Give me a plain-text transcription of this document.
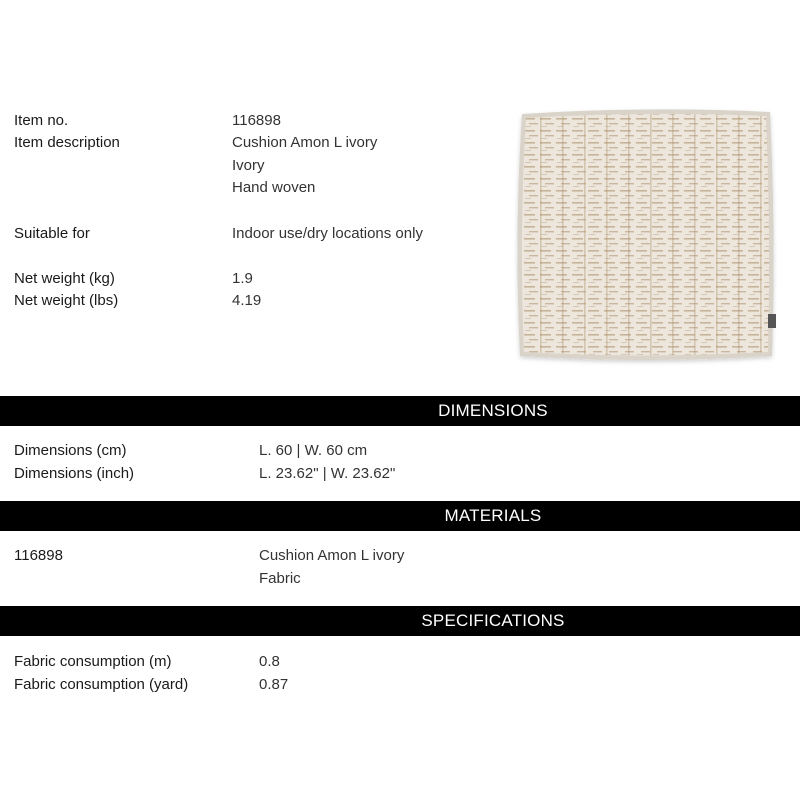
Item no.	116898
Item description	Cushion Amon L ivory
Ivory
Hand woven
Suitable for	Indoor use/dry locations only
Net weight (kg)	1.9
Net weight (lbs)	4.19
DIMENSIONS
Dimensions (cm)	L. 60 | W. 60 cm
Dimensions (inch)	L. 23.62" | W. 23.62"
MATERIALS
116898	Cushion Amon L ivory
Fabric
SPECIFICATIONS
Fabric consumption (m)	0.8
Fabric consumption (yard)	0.87
